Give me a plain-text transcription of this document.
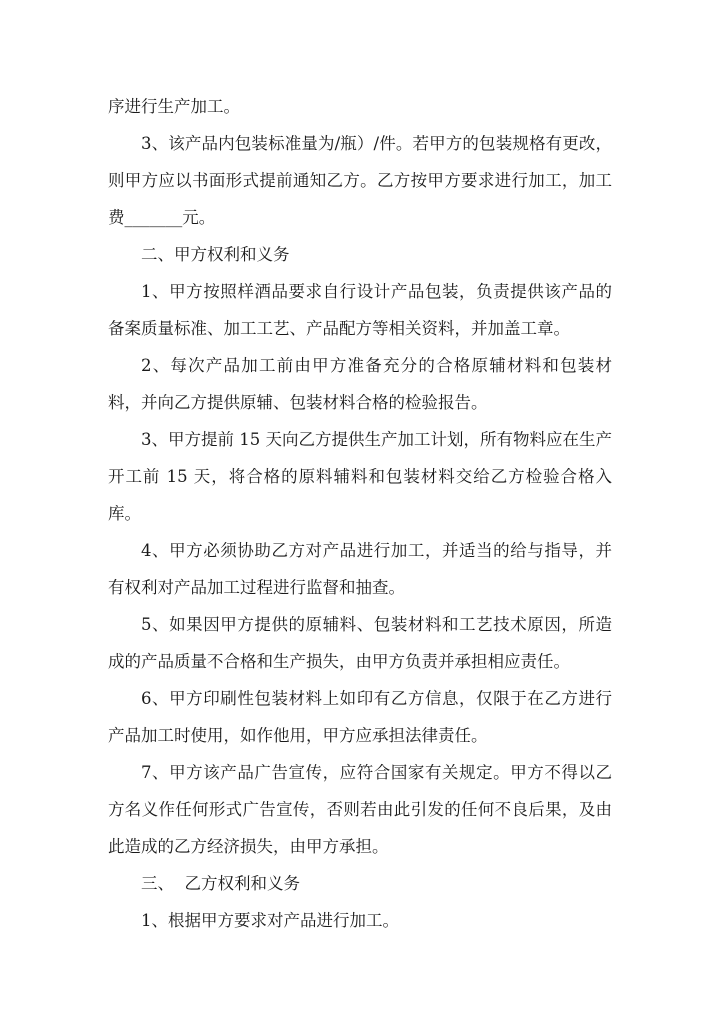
序进行生产加工。

3、该产品内包装标准量为/瓶）/件。若甲方的包装规格有更改，则甲方应以书面形式提前通知乙方。乙方按甲方要求进行加工，加工费_______元。

二、甲方权利和义务

1、甲方按照样酒品要求自行设计产品包装，负责提供该产品的备案质量标准、加工工艺、产品配方等相关资料，并加盖工章。

2、每次产品加工前由甲方准备充分的合格原辅材料和包装材料，并向乙方提供原辅、包装材料合格的检验报告。

3、甲方提前 15 天向乙方提供生产加工计划，所有物料应在生产开工前 15 天，将合格的原料辅料和包装材料交给乙方检验合格入库。

4、甲方必须协助乙方对产品进行加工，并适当的给与指导，并有权利对产品加工过程进行监督和抽查。

5、如果因甲方提供的原辅料、包装材料和工艺技术原因，所造成的产品质量不合格和生产损失，由甲方负责并承担相应责任。

6、甲方印刷性包装材料上如印有乙方信息，仅限于在乙方进行产品加工时使用，如作他用，甲方应承担法律责任。

7、甲方该产品广告宣传，应符合国家有关规定。甲方不得以乙方名义作任何形式广告宣传，否则若由此引发的任何不良后果，及由此造成的乙方经济损失，由甲方承担。

三、  乙方权利和义务

1、根据甲方要求对产品进行加工。
